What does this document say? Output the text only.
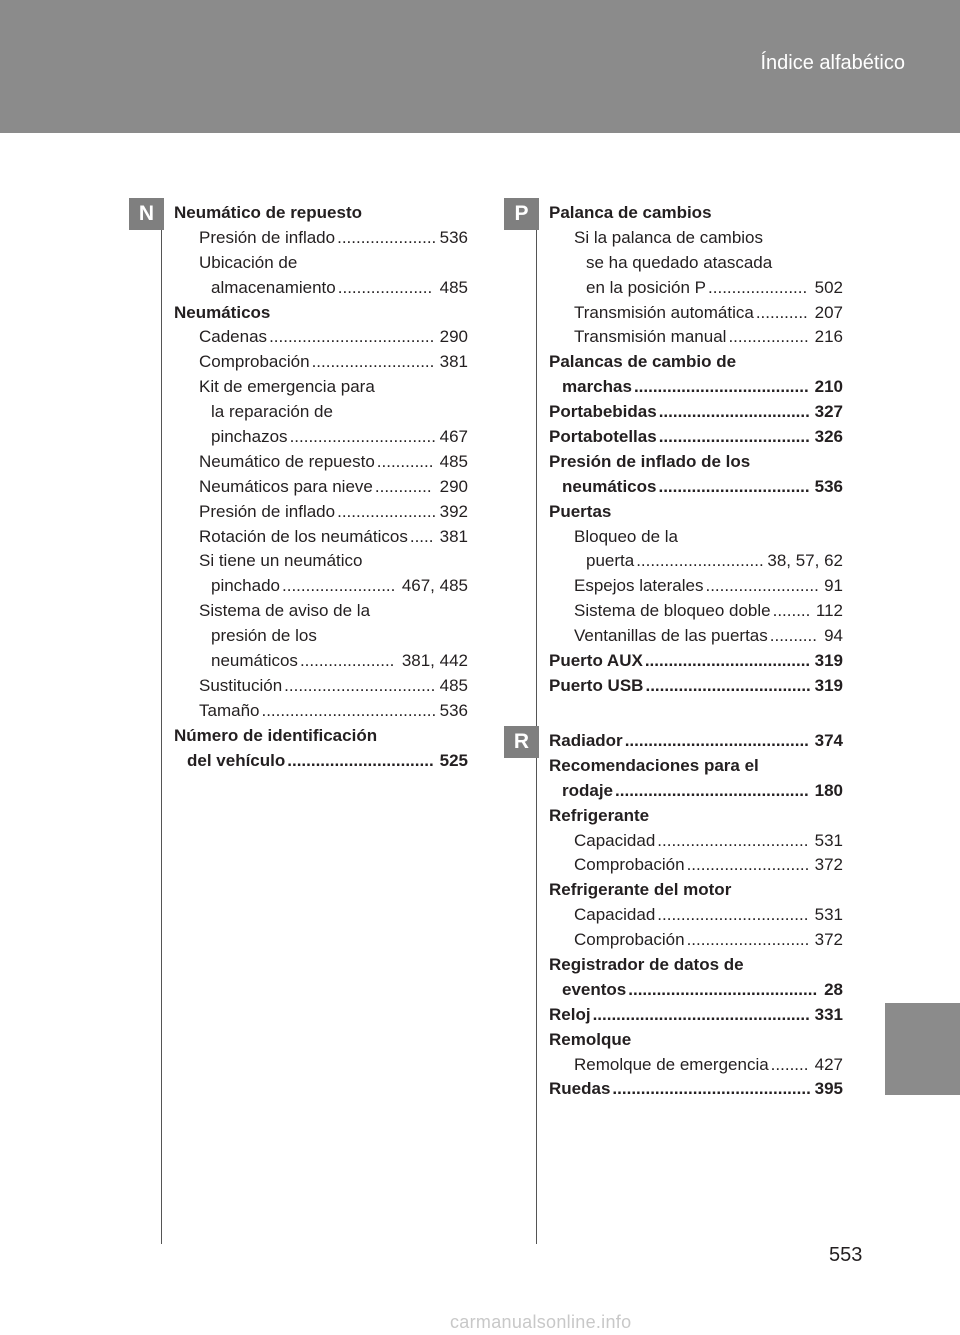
Índice alfabético
N	P
R
Neumático de repuesto
536
Presión de inflado .....................
Ubicación de
485
almacenamiento ....................
Neumáticos
290
Cadenas ...................................
381
Comprobación ..........................
Kit de emergencia para
la reparación de
467
pinchazos ...............................
485
Neumático de repuesto ............
290
Neumáticos para nieve ............
392
Presión de inflado .....................
381
Rotación de los neumáticos .....
Si tiene un neumático
467, 485
pinchado ........................
Sistema de aviso de la
presión de los
381, 442
neumáticos ....................
485
Sustitución ................................
536
Tamaño .....................................
Número de identificación
525
del vehículo ...............................
Palanca de cambios
Si la palanca de cambios
se ha quedado atascada
502
en la posición P .....................
207
Transmisión automática ...........
216
Transmisión manual .................
Palancas de cambio de
210
marchas .....................................
327
Portabebidas ................................
326
Portabotellas ................................
Presión de inflado de los
536
neumáticos ................................
Puertas
Bloqueo de la
38, 57, 62
puerta ...........................
91
Espejos laterales ........................
112
Sistema de bloqueo doble ........
94
Ventanillas de las puertas ..........
319
Puerto AUX ...................................
319
Puerto USB ...................................
374
Radiador .......................................
Recomendaciones para el
180
rodaje .........................................
Refrigerante
531
Capacidad ................................
372
Comprobación ..........................
Refrigerante del motor
531
Capacidad ................................
372
Comprobación ..........................
Registrador de datos de
28
eventos ........................................
331
Reloj ..............................................
Remolque
427
Remolque de emergencia ........
395
Ruedas ..........................................
553
carmanualsonline.info
